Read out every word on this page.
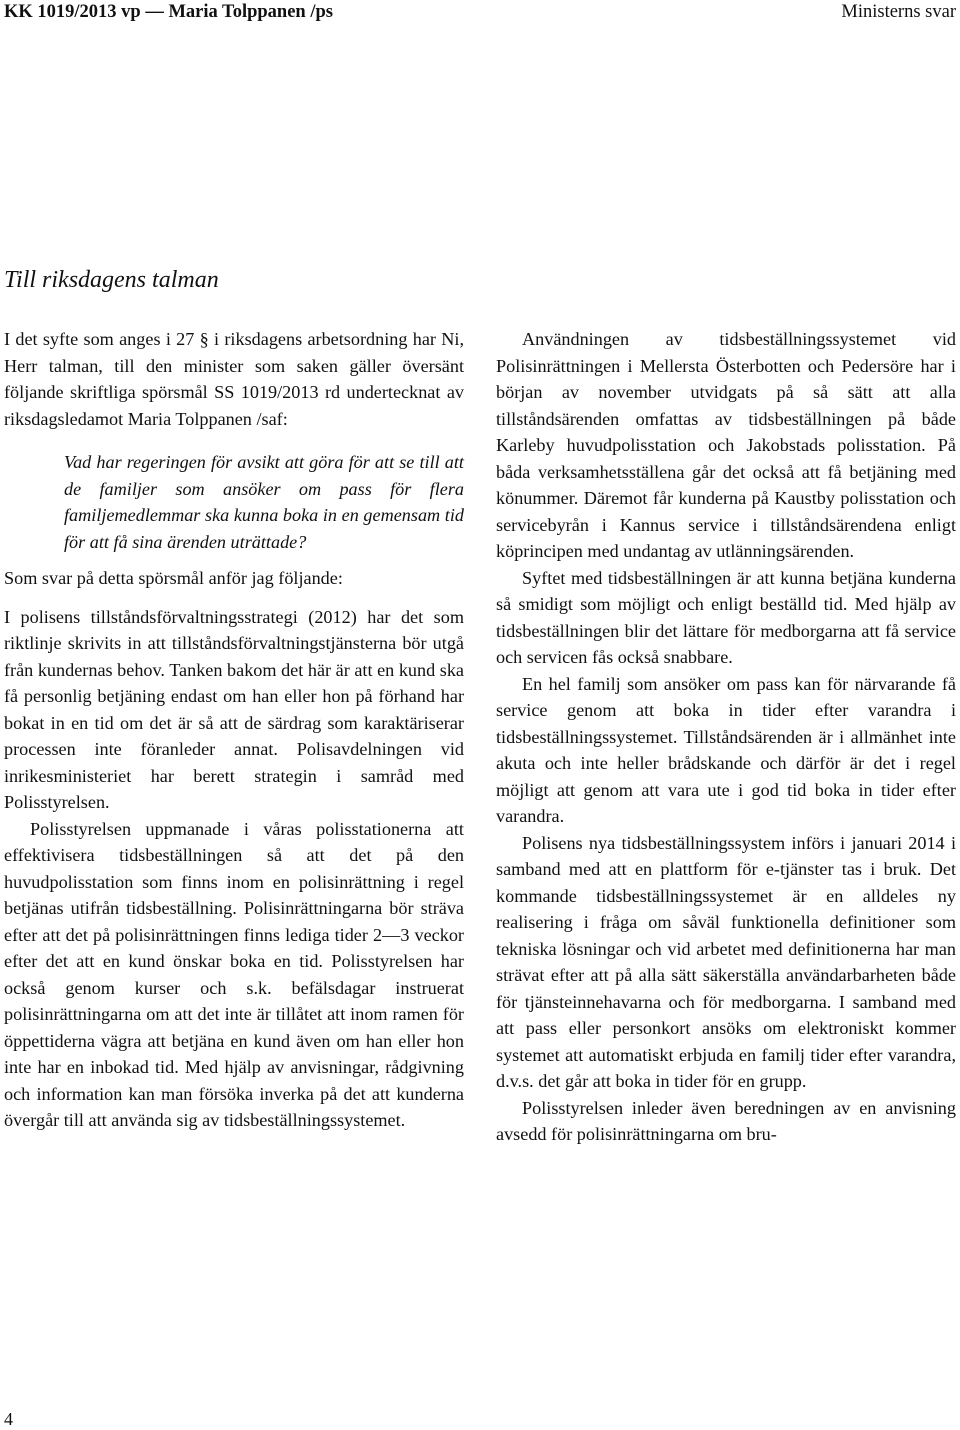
KK 1019/2013 vp — Maria Tolppanen /ps	Ministerns svar
Till riksdagens talman

I det syfte som anges i 27 § i riksdagens arbetsordning har Ni, Herr talman, till den minister som saken gäller översänt följande skriftliga spörsmål SS 1019/2013 rd undertecknat av riksdagsledamot Maria Tolppanen /saf:

Vad har regeringen för avsikt att göra för att se till att de familjer som ansöker om pass för flera familjemedlemmar ska kunna boka in en gemensam tid för att få sina ärenden uträttade?

Som svar på detta spörsmål anför jag följande:

I polisens tillståndsförvaltningsstrategi (2012) har det som riktlinje skrivits in att tillståndsförvaltningstjänsterna bör utgå från kundernas behov. Tanken bakom det här är att en kund ska få personlig betjäning endast om han eller hon på förhand har bokat in en tid om det är så att de särdrag som karaktäriserar processen inte föranleder annat. Polisavdelningen vid inrikesministeriet har berett strategin i samråd med Polisstyrelsen.

Polisstyrelsen uppmanade i våras polisstationerna att effektivisera tidsbeställningen så att det på den huvudpolisstation som finns inom en polisinrättning i regel betjänas utifrån tidsbeställning. Polisinrättningarna bör sträva efter att det på polisinrättningen finns lediga tider 2—3 veckor efter det att en kund önskar boka en tid. Polisstyrelsen har också genom kurser och s.k. befälsdagar instruerat polisinrättningarna om att det inte är tillåtet att inom ramen för öppettiderna vägra att betjäna en kund även om han eller hon inte har en inbokad tid. Med hjälp av anvisningar, rådgivning och information kan man försöka inverka på det att kunderna övergår till att använda sig av tidsbeställningssystemet.

Användningen av tidsbeställningssystemet vid Polisinrättningen i Mellersta Österbotten och Pedersöre har i början av november utvidgats på så sätt att alla tillståndsärenden omfattas av tidsbeställningen på både Karleby huvudpolisstation och Jakobstads polisstation. På båda verksamhetsställena går det också att få betjäning med könummer. Däremot får kunderna på Kaustby polisstation och servicebyrån i Kannus service i tillståndsärendena enligt köprincipen med undantag av utlänningsärenden.

Syftet med tidsbeställningen är att kunna betjäna kunderna så smidigt som möjligt och enligt beställd tid. Med hjälp av tidsbeställningen blir det lättare för medborgarna att få service och servicen fås också snabbare.

En hel familj som ansöker om pass kan för närvarande få service genom att boka in tider efter varandra i tidsbeställningssystemet. Tillståndsärenden är i allmänhet inte akuta och inte heller brådskande och därför är det i regel möjligt att genom att vara ute i god tid boka in tider efter varandra.

Polisens nya tidsbeställningssystem införs i januari 2014 i samband med att en plattform för e-tjänster tas i bruk. Det kommande tidsbeställningssystemet är en alldeles ny realisering i fråga om såväl funktionella definitioner som tekniska lösningar och vid arbetet med definitionerna har man strävat efter att på alla sätt säkerställa användarbarheten både för tjänsteinnehavarna och för medborgarna. I samband med att pass eller personkort ansöks om elektroniskt kommer systemet att automatiskt erbjuda en familj tider efter varandra, d.v.s. det går att boka in tider för en grupp.

Polisstyrelsen inleder även beredningen av en anvisning avsedd för polisinrättningarna om bru-

4
